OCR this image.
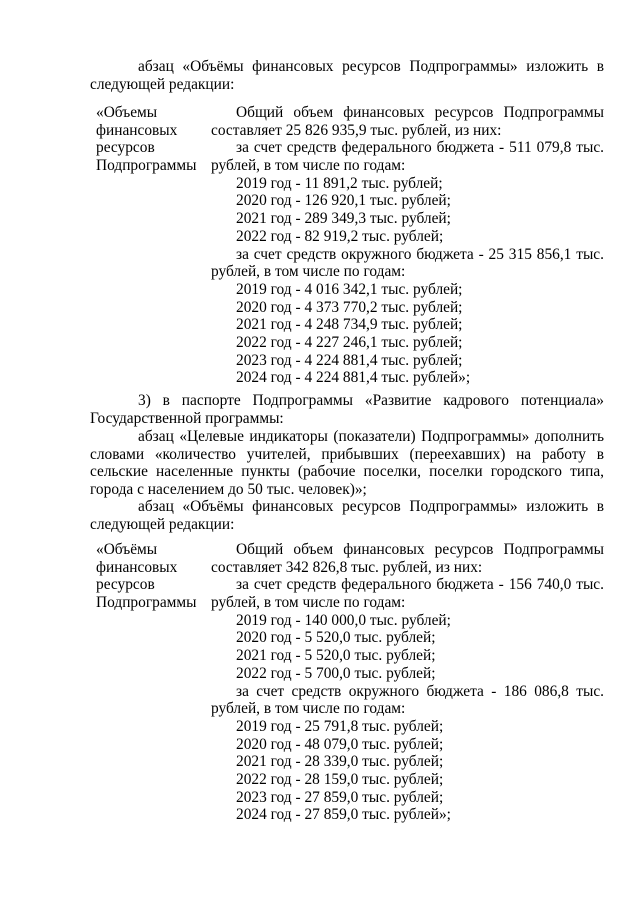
абзац «Объёмы финансовых ресурсов Подпрограммы» изложить в
следующей редакции:
«Объемы
финансовых
ресурсов
Подпрограммы
Общий объем финансовых ресурсов Подпрограммы
составляет 25 826 935,9 тыс. рублей, из них:
за счет средств федерального бюджета - 511 079,8 тыс.
рублей, в том числе по годам:
2019 год - 11 891,2 тыс. рублей;
2020 год - 126 920,1 тыс. рублей;
2021 год - 289 349,3 тыс. рублей;
2022 год - 82 919,2 тыс. рублей;
за счет средств окружного бюджета - 25 315 856,1 тыс.
рублей, в том числе по годам:
2019 год - 4 016 342,1 тыс. рублей;
2020 год - 4 373 770,2 тыс. рублей;
2021 год - 4 248 734,9 тыс. рублей;
2022 год - 4 227 246,1 тыс. рублей;
2023 год - 4 224 881,4 тыс. рублей;
2024 год - 4 224 881,4 тыс. рублей»;
3) в паспорте Подпрограммы «Развитие кадрового потенциала»
Государственной программы:
абзац «Целевые индикаторы (показатели) Подпрограммы» дополнить
словами «количество учителей, прибывших (переехавших) на работу в
сельские населенные пункты (рабочие поселки, поселки городского типа,
города с населением до 50 тыс. человек)»;
абзац «Объёмы финансовых ресурсов Подпрограммы» изложить в
следующей редакции:
«Объёмы
финансовых
ресурсов
Подпрограммы
Общий объем финансовых ресурсов Подпрограммы
составляет 342 826,8 тыс. рублей, из них:
за счет средств федерального бюджета - 156 740,0 тыс.
рублей, в том числе по годам:
2019 год - 140 000,0 тыс. рублей;
2020 год - 5 520,0 тыс. рублей;
2021 год - 5 520,0 тыс. рублей;
2022 год - 5 700,0 тыс. рублей;
за счет средств окружного бюджета - 186 086,8 тыс.
рублей, в том числе по годам:
2019 год - 25 791,8 тыс. рублей;
2020 год - 48 079,0 тыс. рублей;
2021 год - 28 339,0 тыс. рублей;
2022 год - 28 159,0 тыс. рублей;
2023 год - 27 859,0 тыс. рублей;
2024 год - 27 859,0 тыс. рублей»;
